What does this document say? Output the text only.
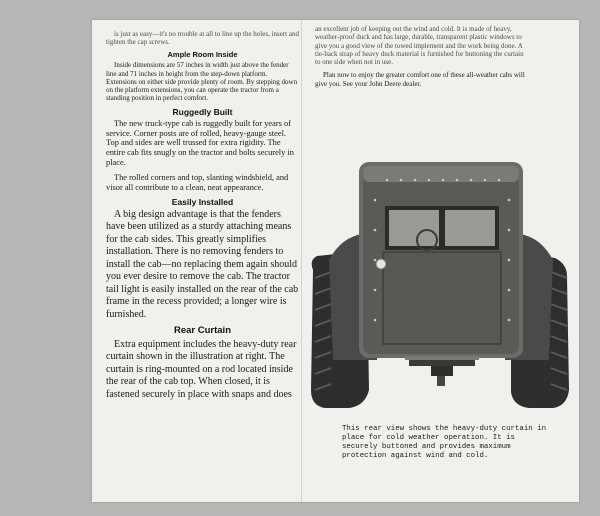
is just as easy—it's no trouble at all to line up the holes, insert and tighten the cap screws.

Ample Room Inside

Inside dimensions are 57 inches in width just above the fender line and 71 inches in height from the step-down platform. Extensions on either side provide plenty of room. By stepping down on the platform extensions, you can operate the tractor from a standing position in perfect comfort.

Ruggedly Built

The new truck-type cab is ruggedly built for years of service. Corner posts are of rolled, heavy-gauge steel. Top and sides are well trussed for extra rigidity. The entire cab fits snugly on the tractor and bolts securely in place.

The rolled corners and top, slanting windshield, and visor all contribute to a clean, neat appearance.

Easily Installed

A big design advantage is that the fenders have been utilized as a sturdy attaching means for the cab sides. This greatly simplifies installation. There is no removing fenders to install the cab—no replacing them again should you ever desire to remove the cab. The tractor tail light is easily installed on the rear of the cab frame in the recess provided; a longer wire is furnished.

Rear Curtain

Extra equipment includes the heavy-duty rear curtain shown in the illustration at right. The curtain is ring-mounted on a rod located inside the rear of the cab top. When closed, it is fastened securely in place with snaps and does

an excellent job of keeping out the wind and cold. It is made of heavy, weather-proof duck and has large, durable, transparent plastic windows to give you a good view of the towed implement and the work being done. A tie-back strap of heavy duck material is furnished for buttoning the curtain to one side when not in use.

Plan now to enjoy the greater comfort one of these all-weather cabs will give you. See your John Deere dealer.

This rear view shows the heavy-duty curtain in place for cold weather operation. It is securely buttoned and provides maximum protection against wind and cold.
